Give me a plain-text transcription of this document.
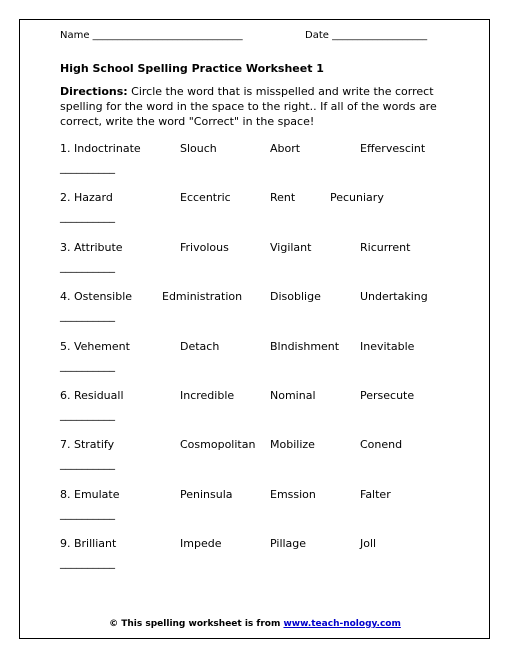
Name ______________________________	Date ___________________
High School Spelling Practice Worksheet 1
Directions: Circle the word that is misspelled and write the correct spelling for the word in the space to the right.. If all of the words are correct, write the word "Correct" in the space!
1. Indoctrinate	Slouch	Abort	Effervescint
__________
2. Hazard	Eccentric	Rent	Pecuniary
__________
3. Attribute	Frivolous	Vigilant	Ricurrent
__________
4. Ostensible	Edministration	Disoblige	Undertaking
__________
5. Vehement	Detach	Blndishment Inevitable
__________
6. Residuall	Incredible	Nominal	Persecute
__________
7. Stratify	Cosmopolitan Mobilize	Conend
__________
8. Emulate	Peninsula	Emssion	Falter
__________
9. Brilliant	Impede	Pillage	Joll
__________
© This spelling worksheet is from www.teach-nology.com
